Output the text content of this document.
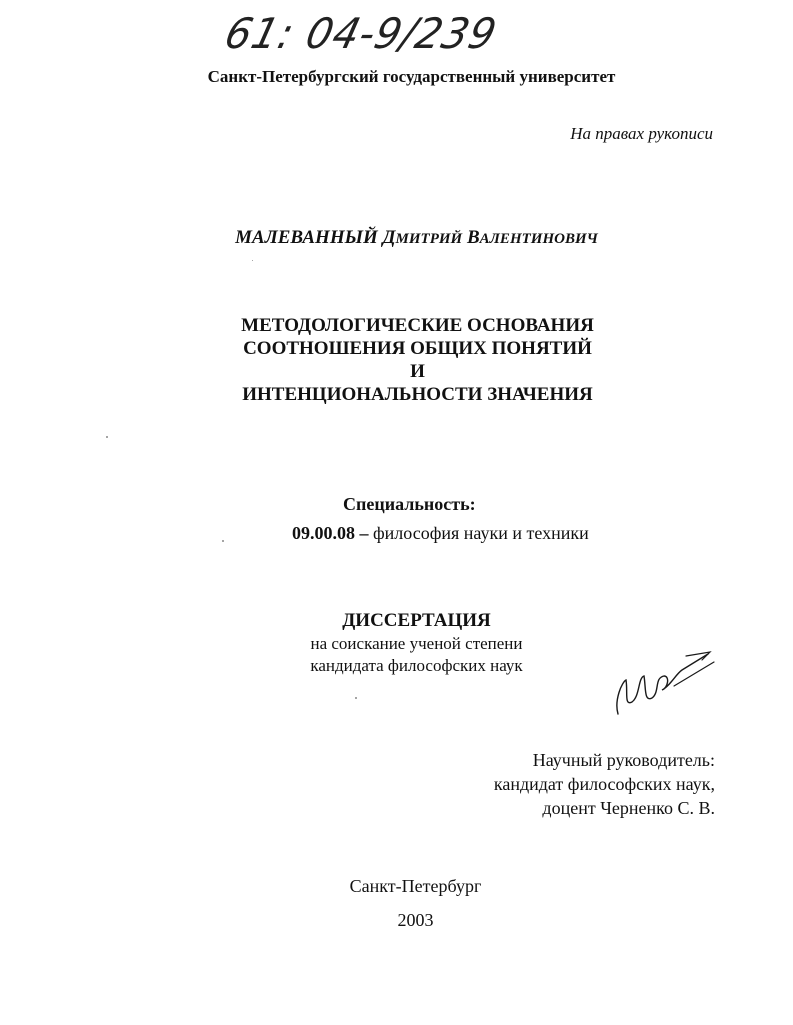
61: 04-9/239
Санкт-Петербургский государственный университет
На правах рукописи
МАЛЕВАННЫЙ ДМИТРИЙ ВАЛЕНТИНОВИЧ
МЕТОДОЛОГИЧЕСКИЕ ОСНОВАНИЯ
СООТНОШЕНИЯ ОБЩИХ ПОНЯТИЙ
И
ИНТЕНЦИОНАЛЬНОСТИ ЗНАЧЕНИЯ
Специальность:
09.00.08 – философия науки и техники
ДИССЕРТАЦИЯ
на соискание ученой степени
кандидата философских наук
Научный руководитель:
кандидат философских наук,
доцент Черненко С. В.
Санкт-Петербург
2003
